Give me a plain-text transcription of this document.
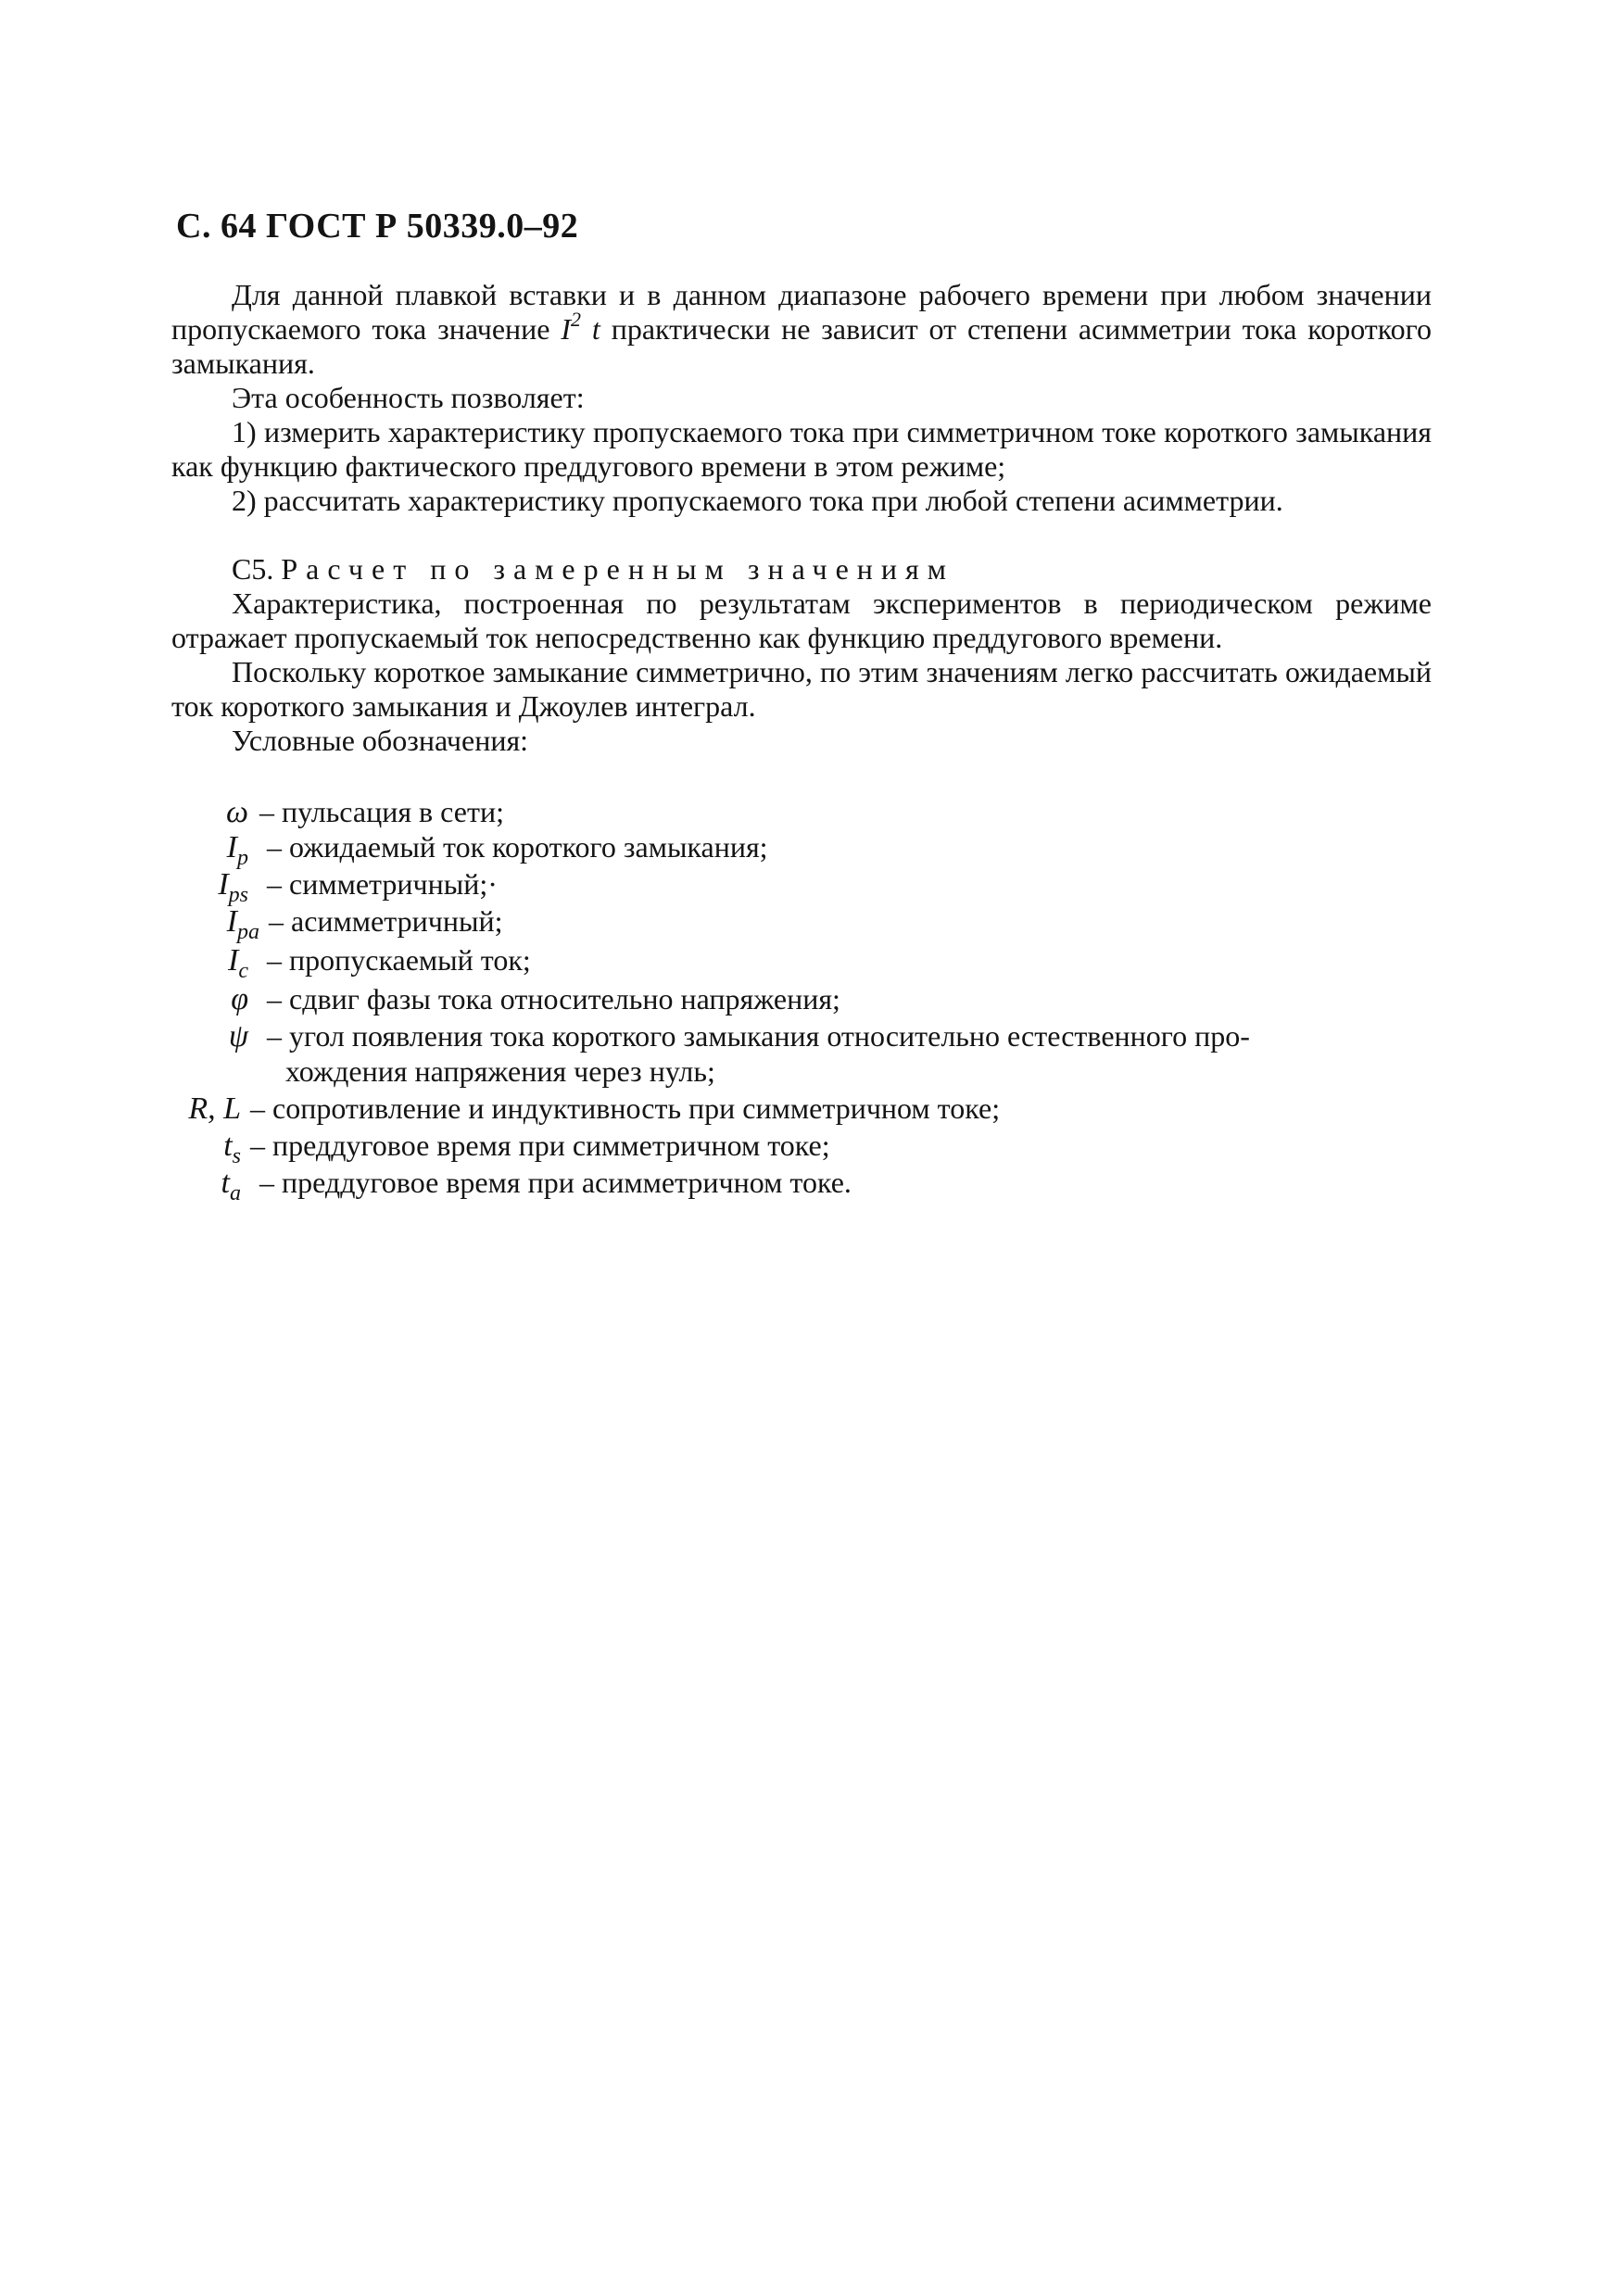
С. 64 ГОСТ Р 50339.0–92

Для данной плавкой вставки и в данном диапазоне рабочего времени при любом значении пропускаемого тока значение $I^2$ t практически не зависит от степени асимметрии тока короткого замыкания.

Эта особенность позволяет:

1) измерить характеристику пропускаемого тока при симметричном токе короткого замыкания как функцию фактического преддугового времени в этом режиме;

2) рассчитать характеристику пропускаемого тока при любой степени асимметрии.

С5. Расчет по замеренным значениям

Характеристика, построенная по результатам экспериментов в периодическом режиме отражает пропускаемый ток непосредственно как функцию преддугового времени.

Поскольку короткое замыкание симметрично, по этим значениям легко рассчитать ожидаемый ток короткого замыкания и Джоулев интеграл.

Условные обозначения:

ω – пульсация в сети;
$I_p$ – ожидаемый ток короткого замыкания;
$I_{ps}$ – симметричный;·
$I_{pa}$ – асимметричный;
$I_c$ – пропускаемый ток;
φ – сдвиг фазы тока относительно напряжения;
ψ – угол появления тока короткого замыкания относительно естественного про-
хождения напряжения через нуль;
R, L – сопротивление и индуктивность при симметричном токе;
$t_s$ – преддуговое время при симметричном токе;
$t_a$ – преддуговое время при асимметричном токе.
